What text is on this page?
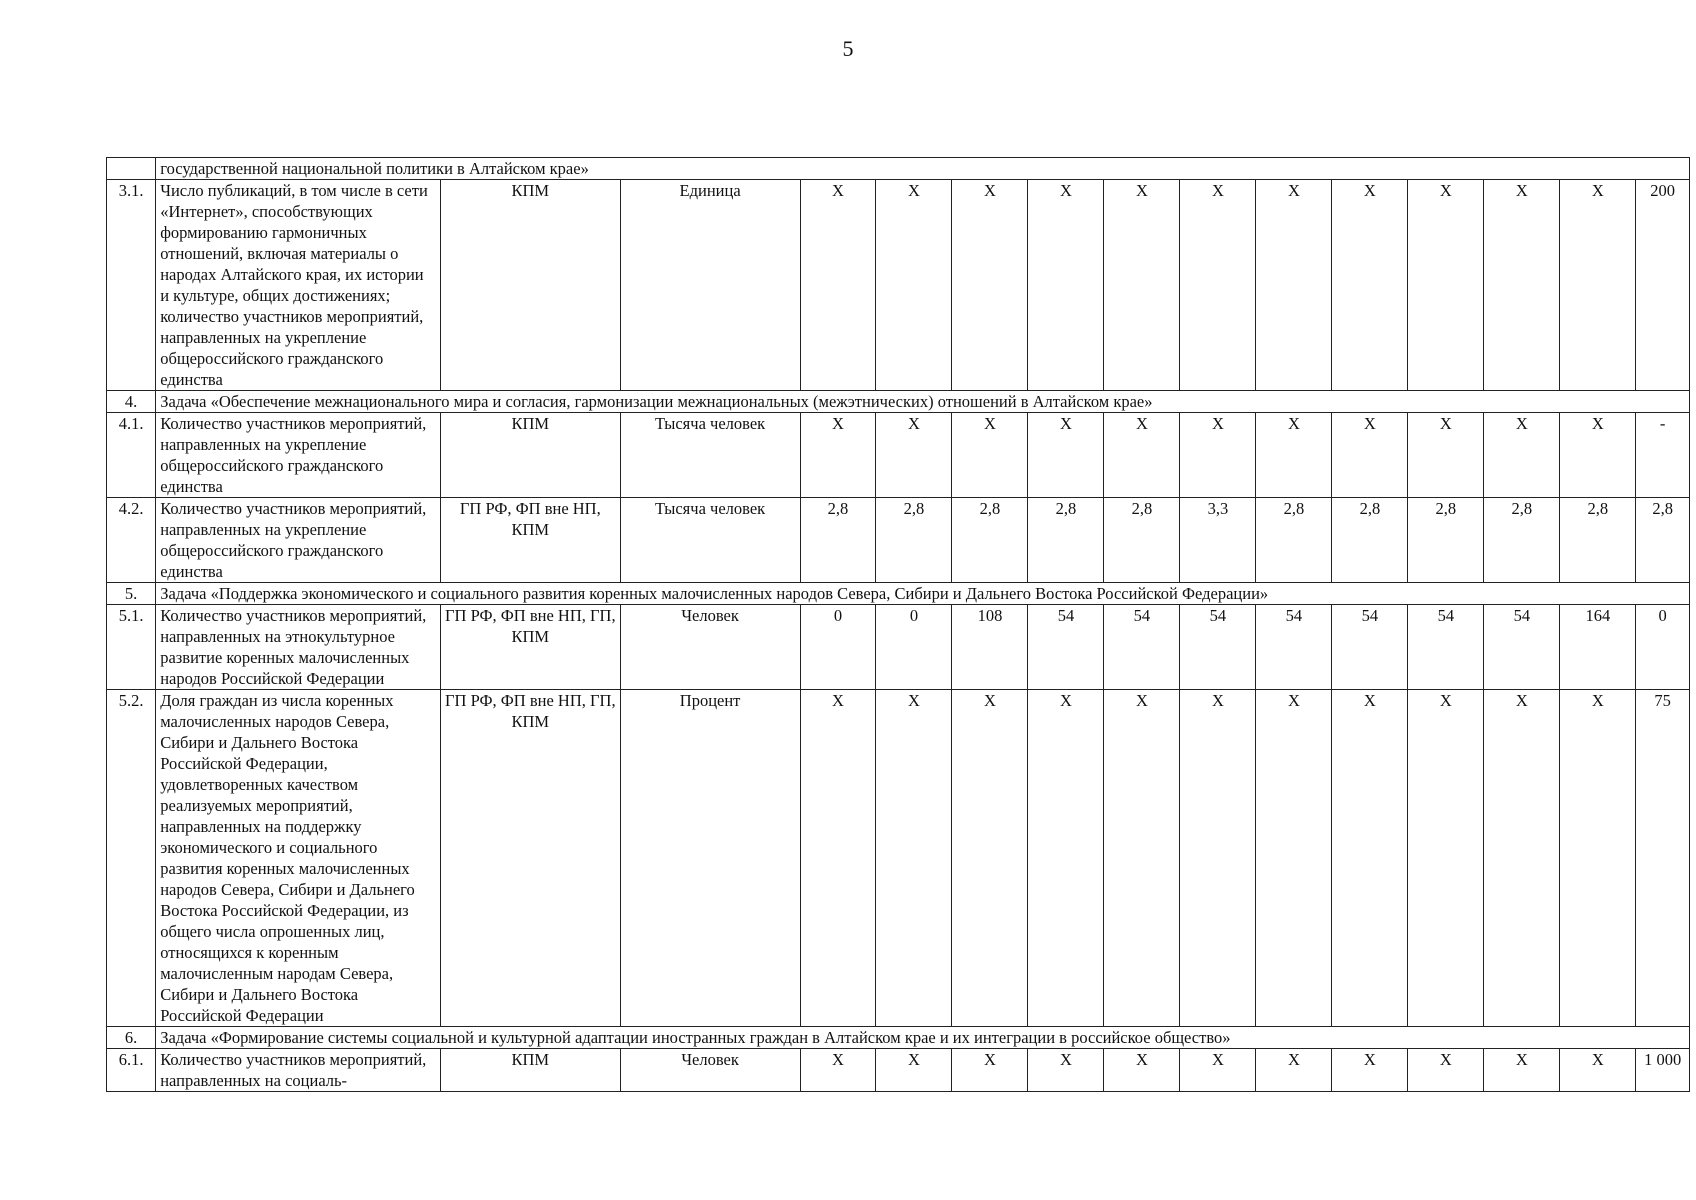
5
	государственной национальной политики в Алтайском крае»														
3.1.	Число публикаций, в том числе в сети «Интернет», способствующих формированию гармоничных отношений, включая материалы о народах Алтайского края, их истории и культуре, общих достижениях; количество участников мероприятий, направленных на укрепление общероссийского гражданского единства	КПМ	Единица	X	X	X	X	X	X	X	X	X	X	X	200
4.	Задача «Обеспечение межнационального мира и согласия, гармонизации межнациональных (межэтнических) отношений в Алтайском крае»														
4.1.	Количество участников мероприятий, направленных на укрепление общероссийского гражданского единства	КПМ	Тысяча человек	X	X	X	X	X	X	X	X	X	X	X	-
4.2.	Количество участников мероприятий, направленных на укрепление общероссийского гражданского единства	ГП РФ, ФП вне НП, КПМ	Тысяча человек	2,8	2,8	2,8	2,8	2,8	3,3	2,8	2,8	2,8	2,8	2,8	2,8
5.	Задача «Поддержка экономического и социального развития коренных малочисленных народов Севера, Сибири и Дальнего Востока Российской Федерации»														
5.1.	Количество участников мероприятий, направленных на этнокультурное развитие коренных малочисленных народов Российской Федерации	ГП РФ, ФП вне НП, ГП, КПМ	Человек	0	0	108	54	54	54	54	54	54	54	164	0
5.2.	Доля граждан из числа коренных малочисленных народов Севера, Сибири и Дальнего Востока Российской Федерации, удовлетворенных качеством реализуемых мероприятий, направленных на поддержку экономического и социального развития коренных малочисленных народов Севера, Сибири и Дальнего Востока Российской Федерации, из общего числа опрошенных лиц, относящихся к коренным малочисленным народам Севера, Сибири и Дальнего Востока Российской Федерации	ГП РФ, ФП вне НП, ГП, КПМ	Процент	X	X	X	X	X	X	X	X	X	X	X	75
6.	Задача «Формирование системы социальной и культурной адаптации иностранных граждан в Алтайском крае и их интеграции в российское общество»														
6.1.	Количество участников мероприятий, направленных на социаль-	КПМ	Человек	X	X	X	X	X	X	X	X	X	X	X	1 000
